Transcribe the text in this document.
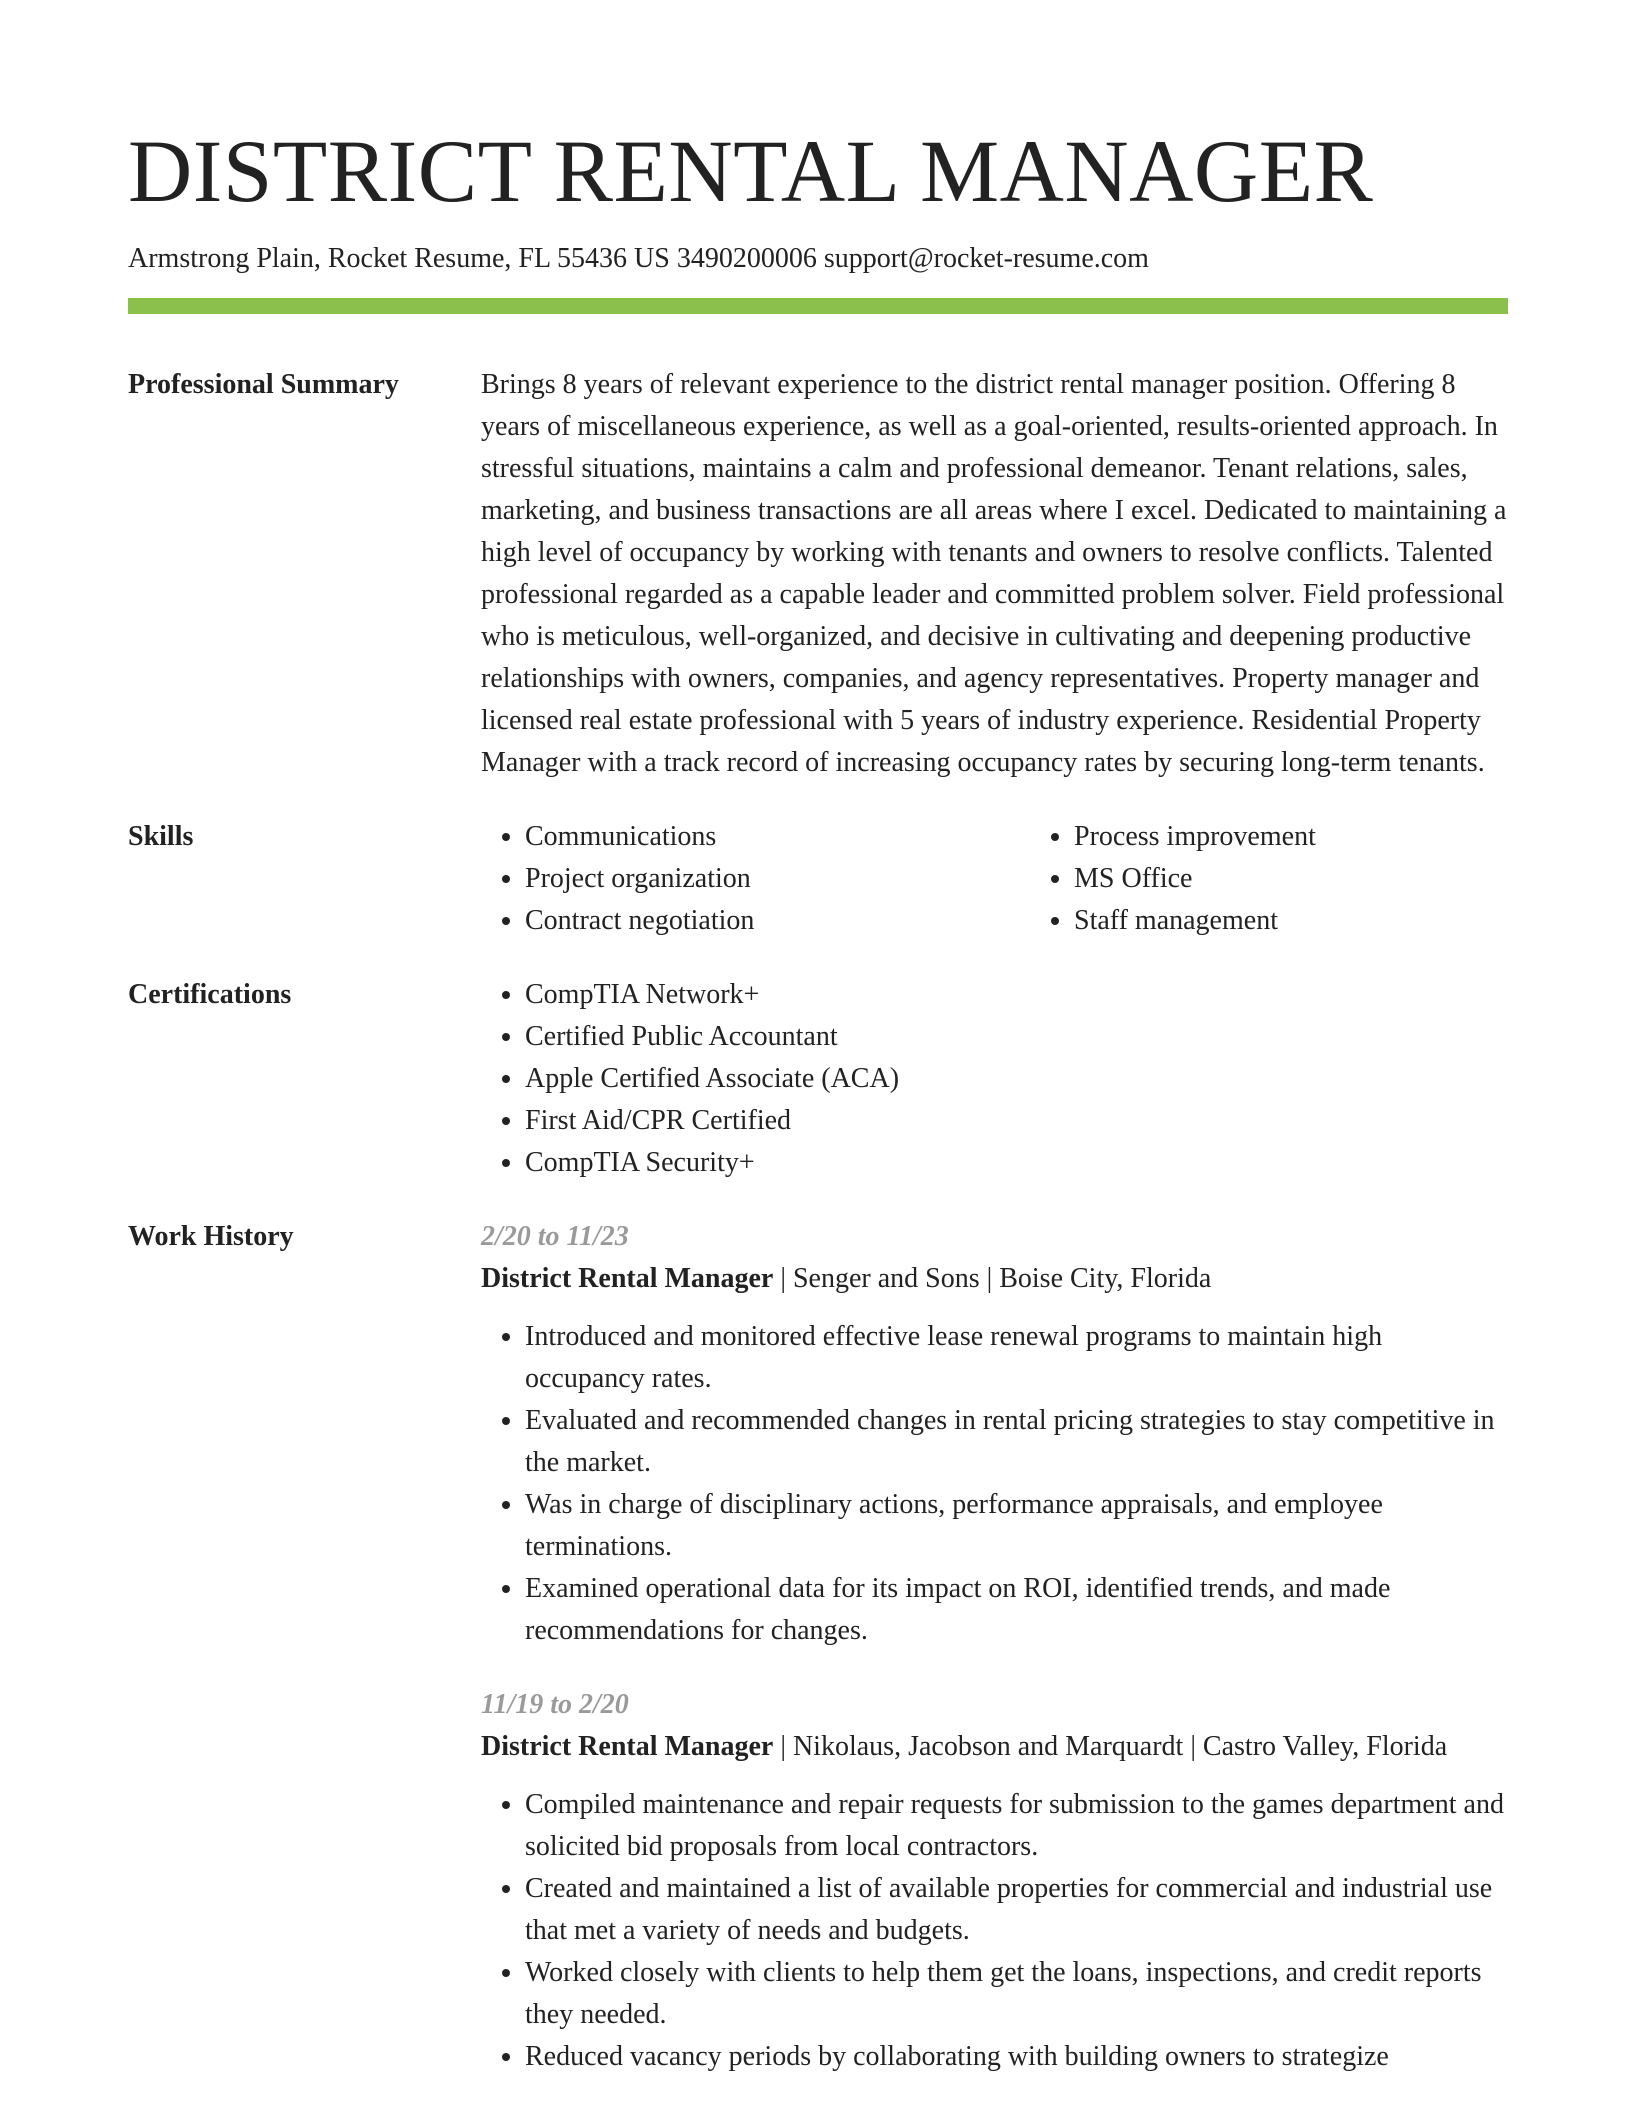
DISTRICT RENTAL MANAGER
Armstrong Plain, Rocket Resume, FL 55436 US 3490200006 support@rocket-resume.com
Professional Summary	Brings 8 years of relevant experience to the district rental manager position. Offering 8 years of miscellaneous experience, as well as a goal-oriented, results-oriented approach. In stressful situations, maintains a calm and professional demeanor. Tenant relations, sales, marketing, and business transactions are all areas where I excel. Dedicated to maintaining a high level of occupancy by working with tenants and owners to resolve conflicts. Talented professional regarded as a capable leader and committed problem solver. Field professional who is meticulous, well-organized, and decisive in cultivating and deepening productive relationships with owners, companies, and agency representatives. Property manager and licensed real estate professional with 5 years of industry experience. Residential Property Manager with a track record of increasing occupancy rates by securing long-term tenants.
Skills	• Communications
• Project organization
• Contract negotiation
• Process improvement
• MS Office
• Staff management
Certifications	• CompTIA Network+
• Certified Public Accountant
• Apple Certified Associate (ACA)
• First Aid/CPR Certified
• CompTIA Security+
Work History	2/20 to 11/23
District Rental Manager | Senger and Sons | Boise City, Florida
• Introduced and monitored effective lease renewal programs to maintain high occupancy rates.
• Evaluated and recommended changes in rental pricing strategies to stay competitive in the market.
• Was in charge of disciplinary actions, performance appraisals, and employee terminations.
• Examined operational data for its impact on ROI, identified trends, and made recommendations for changes.
11/19 to 2/20
District Rental Manager | Nikolaus, Jacobson and Marquardt | Castro Valley, Florida
• Compiled maintenance and repair requests for submission to the games department and solicited bid proposals from local contractors.
• Created and maintained a list of available properties for commercial and industrial use that met a variety of needs and budgets.
• Worked closely with clients to help them get the loans, inspections, and credit reports they needed.
• Reduced vacancy periods by collaborating with building owners to strategize
